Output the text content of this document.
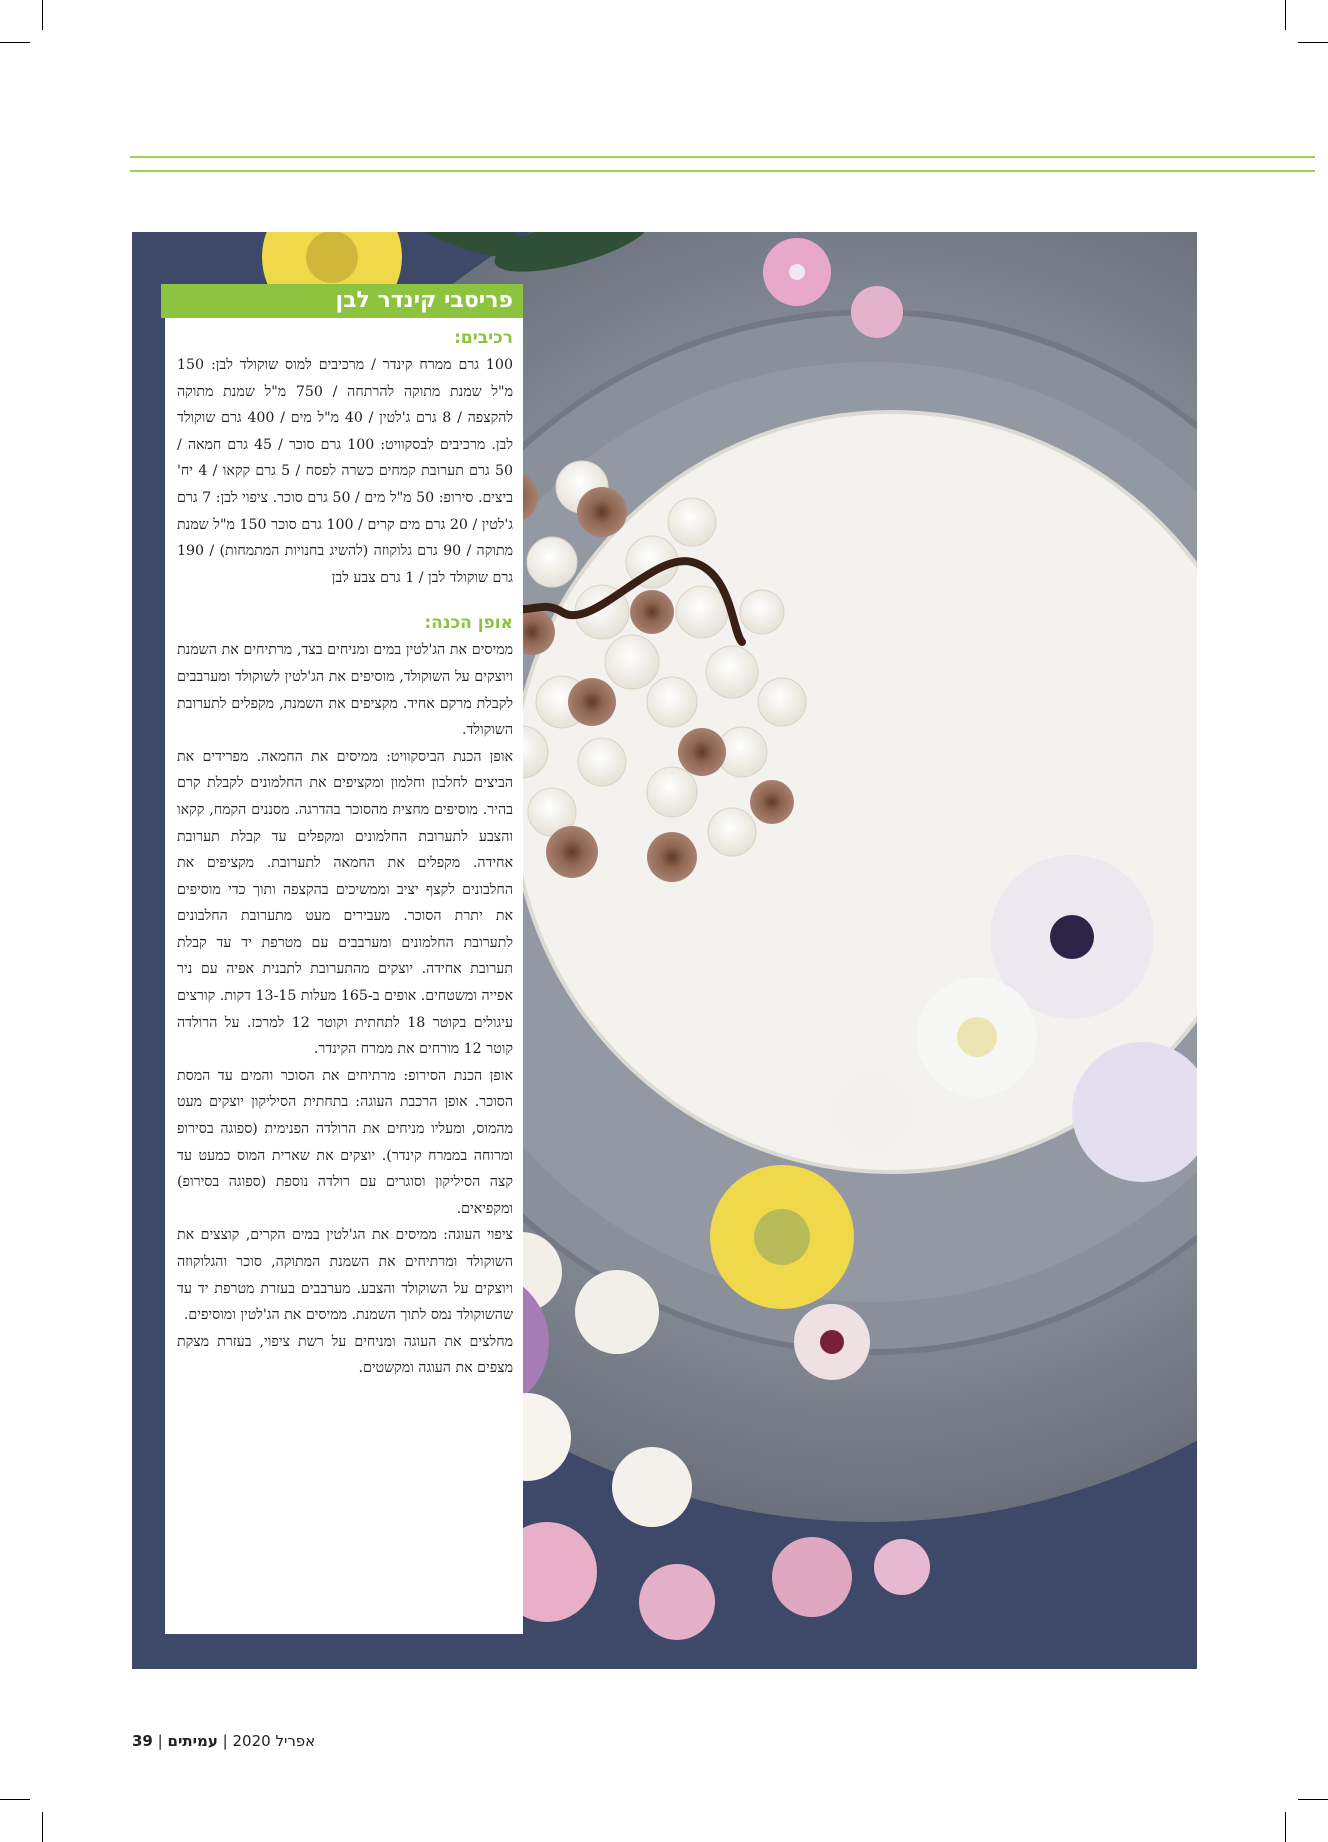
פריסבי קינדר לבן
רכיבים:

100 גרם ממרח קינדר / מרכיבים למוס שוקולד לבן: 150 מ"ל שמנת מתוקה להרתחה / 750 מ"ל שמנת מתוקה להקצפה / 8 גרם ג'לטין / 40 מ"ל מים / 400 גרם שוקולד לבן. מרכיבים לבסקוויט: 100 גרם סוכר / 45 גרם חמאה / 50 גרם תערובת קמחים כשרה לפסח / 5 גרם קקאו / 4 יח' ביצים. סירופ: 50 מ"ל מים / 50 גרם סוכר. ציפוי לבן: 7 גרם ג'לטין / 20 גרם מים קרים / 100 גרם סוכר 150 מ"ל שמנת מתוקה / 90 גרם גלוקוזה (להשיג בחנויות המתמחות) / 190 גרם שוקולד לבן / 1 גרם צבע לבן

אופן הכנה:

ממיסים את הג'לטין במים ומניחים בצד, מרתיחים את השמנת ויוצקים על השוקולד, מוסיפים את הג'לטין לשוקולד ומערבבים לקבלת מרקם אחיד. מקציפים את השמנת, מקפלים לתערובת השוקולד.

אופן הכנת הביסקוויט: ממיסים את החמאה. מפרידים את הביצים לחלבון וחלמון ומקציפים את החלמונים לקבלת קרם בהיר. מוסיפים מחצית מהסוכר בהדרגה. מסננים הקמח, קקאו והצבע לתערובת החלמונים ומקפלים עד קבלת תערובת אחידה. מקפלים את החמאה לתערובת. מקציפים את החלבונים לקצף יציב וממשיכים בהקצפה ותוך כדי מוסיפים את יתרת הסוכר. מעבירים מעט מתערובת החלבונים לתערובת החלמונים ומערבבים עם מטרפת יד עד קבלת תערובת אחידה. יוצקים מהתערובת לתבנית אפיה עם ניר אפייה ומשטחים. אופים ב-165 מעלות 13-15 דקות. קורצים עיגולים בקוטר 18 לתחתית וקוטר 12 למרכז. על הרולדה קוטר 12 מורחים את ממרח הקינדר.

אופן הכנת הסירופ: מרתיחים את הסוכר והמים עד המסת הסוכר. אופן הרכבת העוגה: בתחתית הסיליקון יוצקים מעט מהמוס, ומעליו מניחים את הרולדה הפנימית (ספוגה בסירופ ומרוחה בממרח קינדר). יוצקים את שארית המוס כמעט עד קצה הסיליקון וסוגרים עם רולדה נוספת (ספוגה בסירופ) ומקפיאים.

ציפוי העוגה: ממיסים את הג'לטין במים הקרים, קוצצים את השוקולד ומרתיחים את השמנת המתוקה, סוכר והגלוקוזה ויוצקים על השוקולד והצבע. מערבבים בעזרת מטרפת יד עד שהשוקולד נמס לתוך השמנת. ממיסים את הג'לטין ומוסיפים.

מחלצים את העוגה ומניחים על רשת ציפוי, בעזרת מצקת מצפים את העוגה ומקשטים.

39 |	אפריל 2020 | עמיתים
